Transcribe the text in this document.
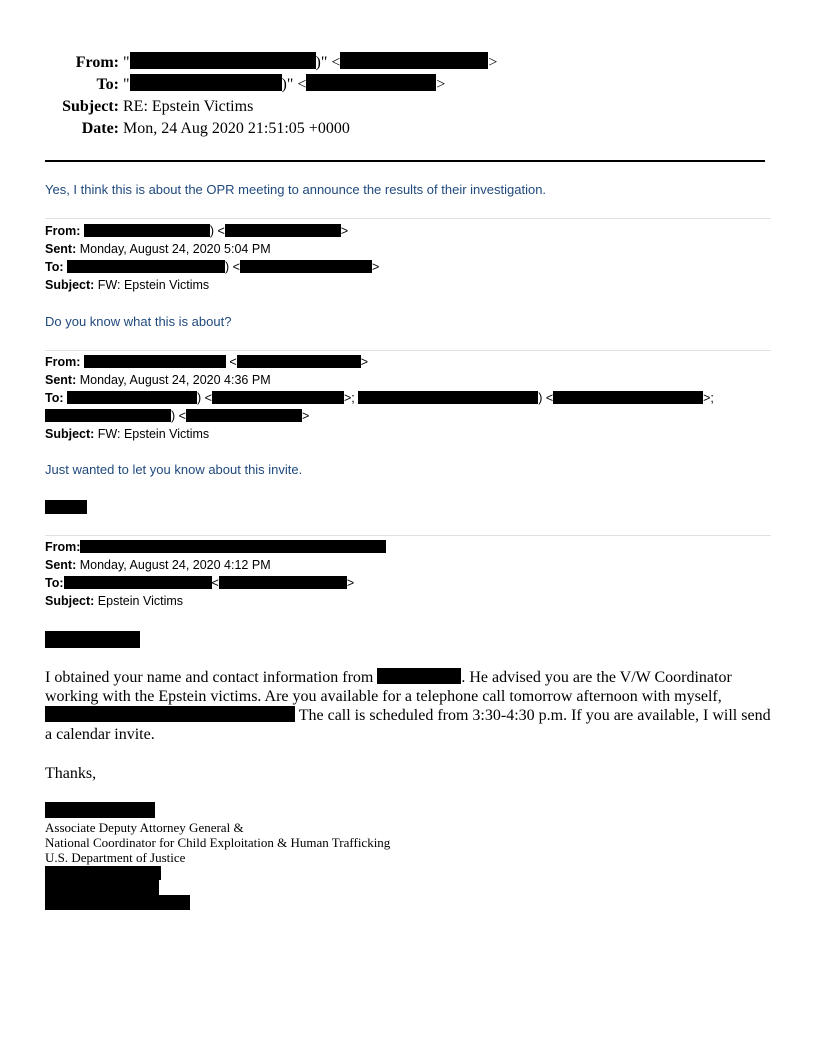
From: "	)" <	>
To: "	)" <	>
Subject: RE: Epstein Victims
Date: Mon, 24 Aug 2020 21:51:05 +0000
Yes, I think this is about the OPR meeting to announce the results of their investigation.
From:	) <	>
Sent: Monday, August 24, 2020 5:04 PM
To:	) <	>
Subject: FW: Epstein Victims
Do you know what this is about?
From:	<	>
Sent: Monday, August 24, 2020 4:36 PM
To:	) <	>;	) <	>;
) <	>
Subject: FW: Epstein Victims
Just wanted to let you know about this invite.
From:
Sent: Monday, August 24, 2020 4:12 PM
To:	<	>
Subject: Epstein Victims
I obtained your name and contact information from	. He advised you are the V/W Coordinator working with the Epstein victims. Are you available for a telephone call tomorrow afternoon with myself, The call is scheduled from 3:30-4:30 p.m. If you are available, I will send a calendar invite.
Thanks,
Associate Deputy Attorney General &
National Coordinator for Child Exploitation & Human Trafficking
U.S. Department of Justice
